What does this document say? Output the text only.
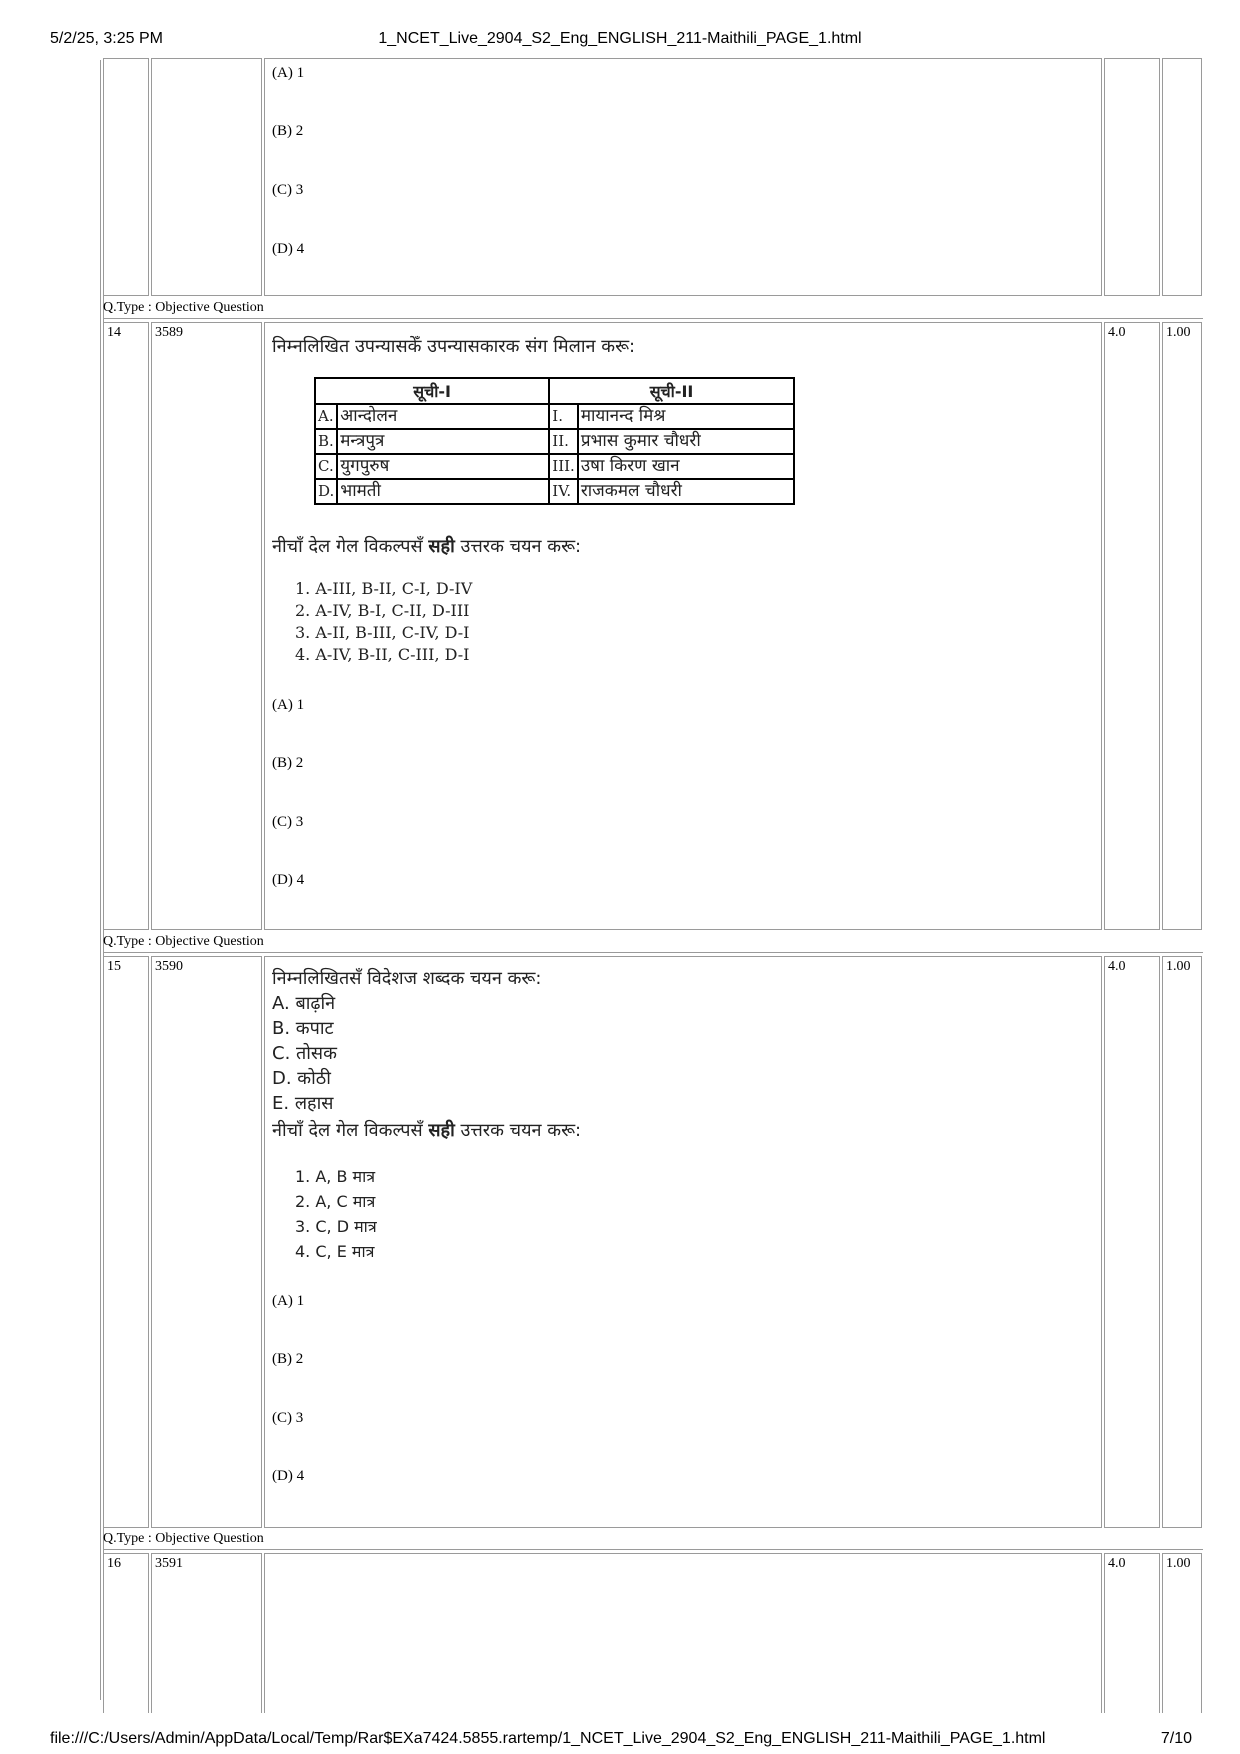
5/2/25, 3:25 PM	1_NCET_Live_2904_S2_Eng_ENGLISH_211-Maithili_PAGE_1.html
file:///C:/Users/Admin/AppData/Local/Temp/Rar$EXa7424.5855.rartemp/1_NCET_Live_2904_S2_Eng_ENGLISH_211-Maithili_PAGE_1.html	7/10
(A) 1
(B) 2
(C) 3
(D) 4
Q.Type : Objective Question
14 3589	4.0	1.00
निम्नलिखित उपन्यासकेँ उपन्यासकारक संग मिलान करू:
सूची-I		सूची-II	
A.	आन्दोलन	I.	मायानन्द मिश्र
B.	मन्त्रपुत्र	II.	प्रभास कुमार चौधरी
C.	युगपुरुष	III.	उषा किरण खान
D.	भामती	IV.	राजकमल चौधरी
नीचाँ देल गेल विकल्पसँ सही उत्तरक चयन करू:
1. A-III, B-II, C-I, D-IV
2. A-IV, B-I, C-II, D-III
3. A-II, B-III, C-IV, D-I
4. A-IV, B-II, C-III, D-I
(A) 1
(B) 2
(C) 3
(D) 4
Q.Type : Objective Question
15 3590	4.0	1.00
निम्नलिखितसँ विदेशज शब्दक चयन करू:
A. बाढ़नि
B. कपाट
C. तोसक
D. कोठी
E. लहास
नीचाँ देल गेल विकल्पसँ सही उत्तरक चयन करू:
1. A, B मात्र
2. A, C मात्र
3. C, D मात्र
4. C, E मात्र
(A) 1
(B) 2
(C) 3
(D) 4
Q.Type : Objective Question
16 3591	4.0	1.00
